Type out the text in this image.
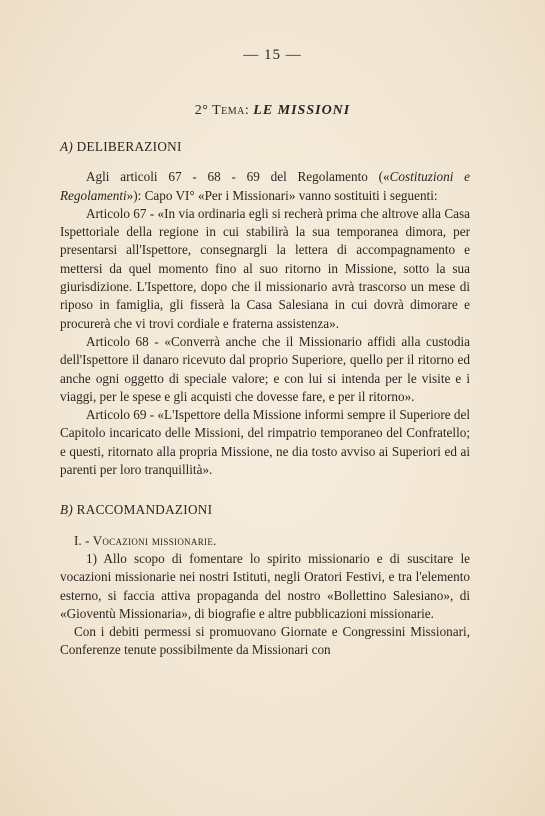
— 15 —
2° Tema: LE MISSIONI
A) DELIBERAZIONI

Agli articoli 67 - 68 - 69 del Regolamento («Costituzioni e Regolamenti»): Capo VI° «Per i Missionari» vanno sostituiti i seguenti:

Articolo 67 - «In via ordinaria egli si recherà prima che altrove alla Casa Ispettoriale della regione in cui stabilirà la sua temporanea dimora, per presentarsi all'Ispettore, consegnargli la lettera di accompagnamento e mettersi da quel momento fino al suo ritorno in Missione, sotto la sua giurisdizione. L'Ispettore, dopo che il missionario avrà trascorso un mese di riposo in famiglia, gli fisserà la Casa Salesiana in cui dovrà dimorare e procurerà che vi trovi cordiale e fraterna assistenza».

Articolo 68 - «Converrà anche che il Missionario affidi alla custodia dell'Ispettore il danaro ricevuto dal proprio Superiore, quello per il ritorno ed anche ogni oggetto di speciale valore; e con lui si intenda per le visite e i viaggi, per le spese e gli acquisti che dovesse fare, e per il ritorno».

Articolo 69 - «L'Ispettore della Missione informi sempre il Superiore del Capitolo incaricato delle Missioni, del rimpatrio temporaneo del Confratello; e questi, ritornato alla propria Missione, ne dia tosto avviso ai Superiori ed ai parenti per loro tranquillità».

B) RACCOMANDAZIONI

I. - Vocazioni missionarie.

1) Allo scopo di fomentare lo spirito missionario e di suscitare le vocazioni missionarie nei nostri Istituti, negli Oratori Festivi, e tra l'elemento esterno, si faccia attiva propaganda del nostro «Bollettino Salesiano», di «Gioventù Missionaria», di biografie e altre pubblicazioni missionarie.

Con i debiti permessi si promuovano Giornate e Congressini Missionari, Conferenze tenute possibilmente da Missionari con
